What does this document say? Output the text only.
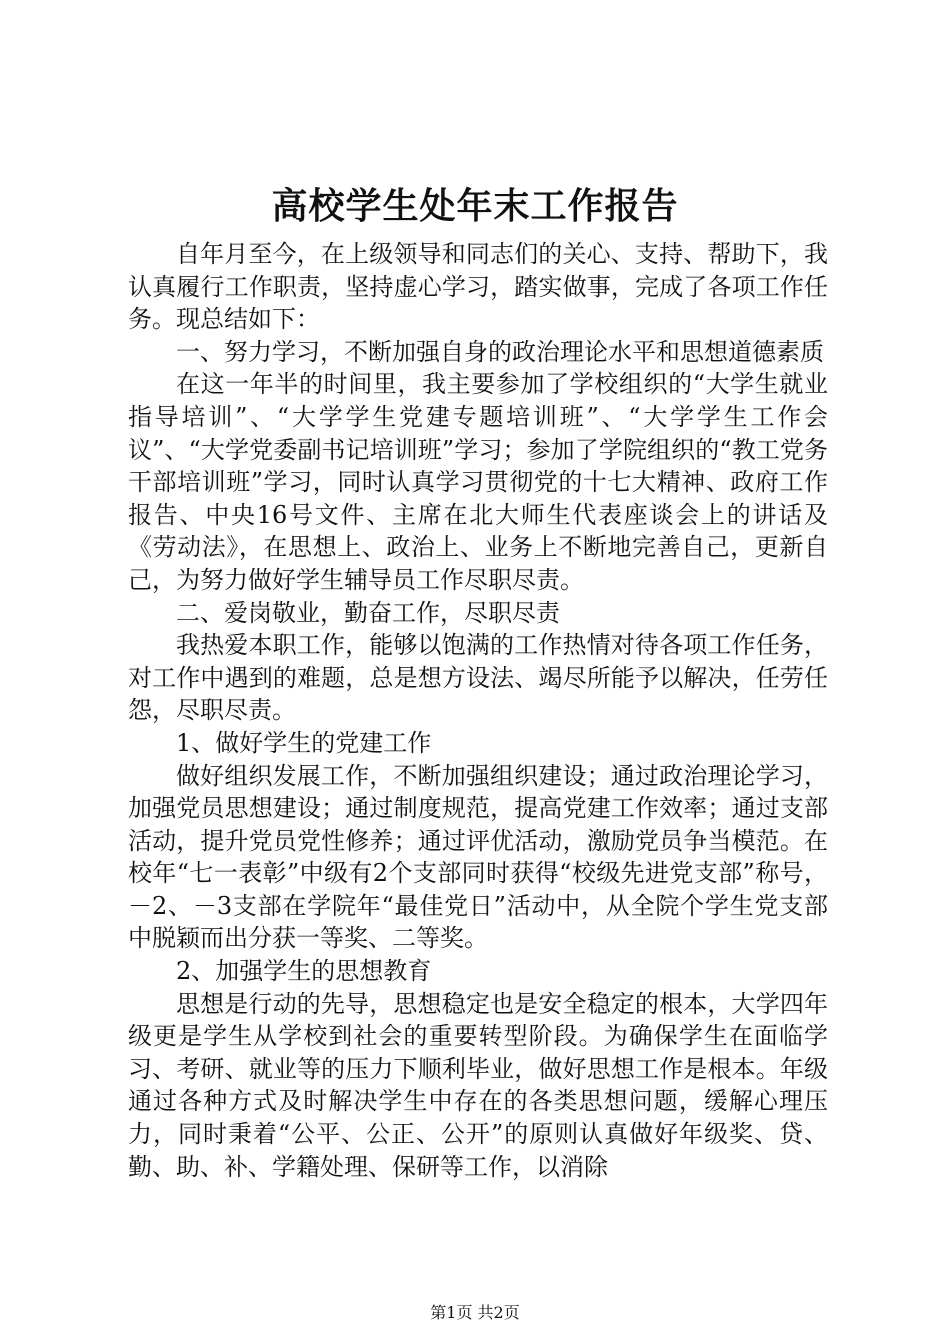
高校学生处年末工作报告

自年月至今，在上级领导和同志们的关心、支持、帮助下，我认真履行工作职责，坚持虚心学习，踏实做事，完成了各项工作任务。现总结如下：

一、努力学习，不断加强自身的政治理论水平和思想道德素质

在这一年半的时间里，我主要参加了学校组织的“大学生就业指导培训”、“大学学生党建专题培训班”、“大学学生工作会议”、“大学党委副书记培训班”学习；参加了学院组织的“教工党务干部培训班”学习，同时认真学习贯彻党的十七大精神、政府工作报告、中央16号文件、主席在北大师生代表座谈会上的讲话及《劳动法》，在思想上、政治上、业务上不断地完善自己，更新自己，为努力做好学生辅导员工作尽职尽责。

二、爱岗敬业，勤奋工作，尽职尽责

我热爱本职工作，能够以饱满的工作热情对待各项工作任务，对工作中遇到的难题，总是想方设法、竭尽所能予以解决，任劳任怨，尽职尽责。

1、做好学生的党建工作

做好组织发展工作，不断加强组织建设；通过政治理论学习，加强党员思想建设；通过制度规范，提高党建工作效率；通过支部活动，提升党员党性修养；通过评优活动，激励党员争当模范。在校年“七一表彰”中级有2个支部同时获得“校级先进党支部”称号，－2、－3支部在学院年“最佳党日”活动中，从全院个学生党支部中脱颖而出分获一等奖、二等奖。

2、加强学生的思想教育

思想是行动的先导，思想稳定也是安全稳定的根本，大学四年级更是学生从学校到社会的重要转型阶段。为确保学生在面临学习、考研、就业等的压力下顺利毕业，做好思想工作是根本。年级通过各种方式及时解决学生中存在的各类思想问题，缓解心理压力，同时秉着“公平、公正、公开”的原则认真做好年级奖、贷、勤、助、补、学籍处理、保研等工作，以消除

第1页 共2页
